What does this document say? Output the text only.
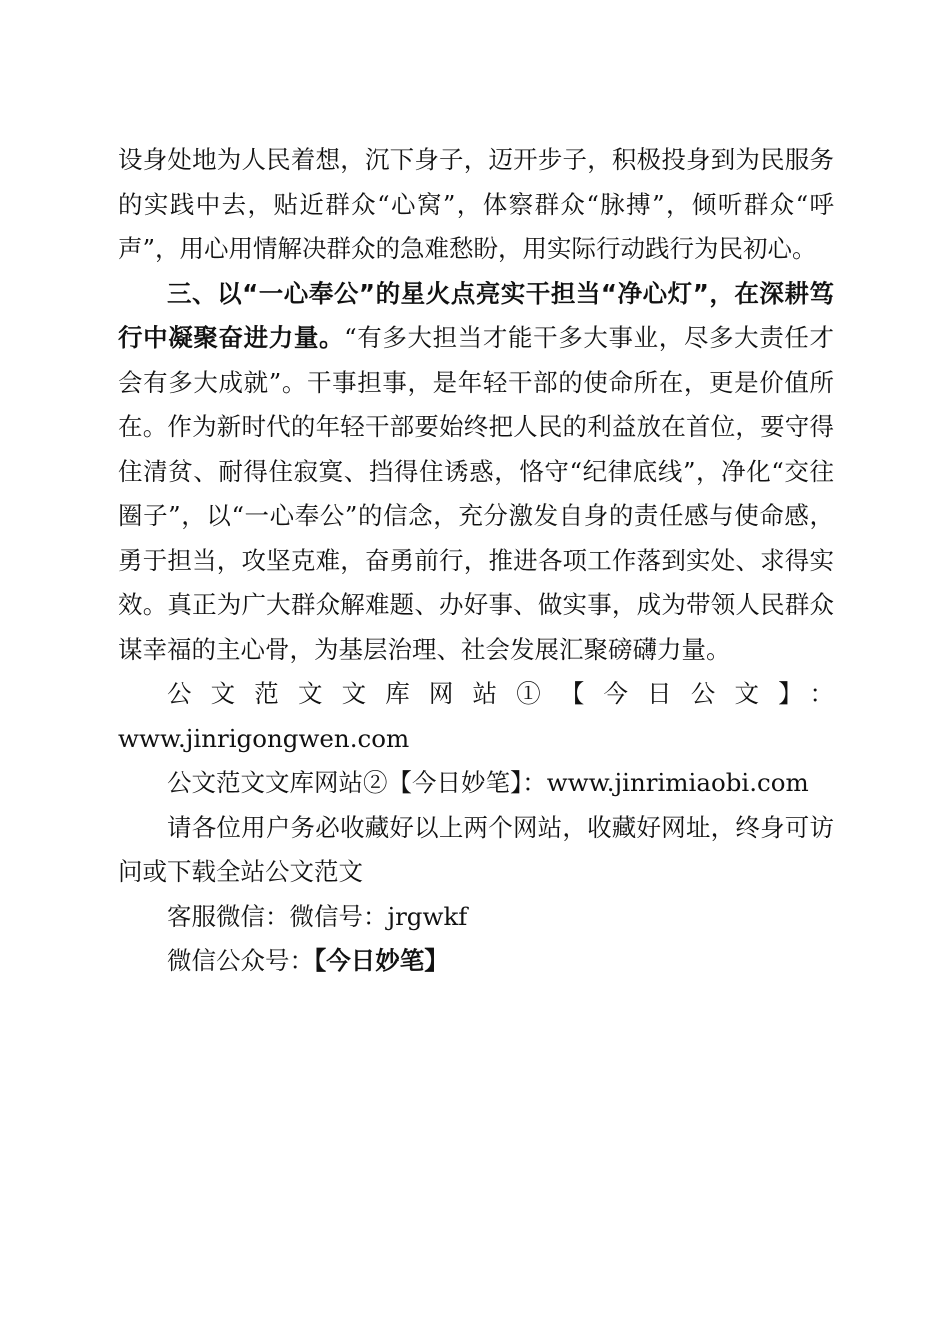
设身处地为人民着想，沉下身子，迈开步子，积极投身到为民服务的实践中去，贴近群众“心窝”，体察群众“脉搏”，倾听群众“呼声”，用心用情解决群众的急难愁盼，用实际行动践行为民初心。

三、以“一心奉公”的星火点亮实干担当“净心灯”，在深耕笃行中凝聚奋进力量。“有多大担当才能干多大事业，尽多大责任才会有多大成就”。干事担事，是年轻干部的使命所在，更是价值所在。作为新时代的年轻干部要始终把人民的利益放在首位，要守得住清贫、耐得住寂寞、挡得住诱惑，恪守“纪律底线”，净化“交往圈子”，以“一心奉公”的信念，充分激发自身的责任感与使命感，勇于担当，攻坚克难，奋勇前行，推进各项工作落到实处、求得实效。真正为广大群众解难题、办好事、做实事，成为带领人民群众谋幸福的主心骨，为基层治理、社会发展汇聚磅礴力量。

公文范文文库网站①【今日公文】：

www.jinrigongwen.com

公文范文文库网站②【今日妙笔】：www.jinrimiaobi.com

请各位用户务必收藏好以上两个网站，收藏好网址，终身可访问或下载全站公文范文

客服微信：微信号：jrgwkf

微信公众号：【今日妙笔】
